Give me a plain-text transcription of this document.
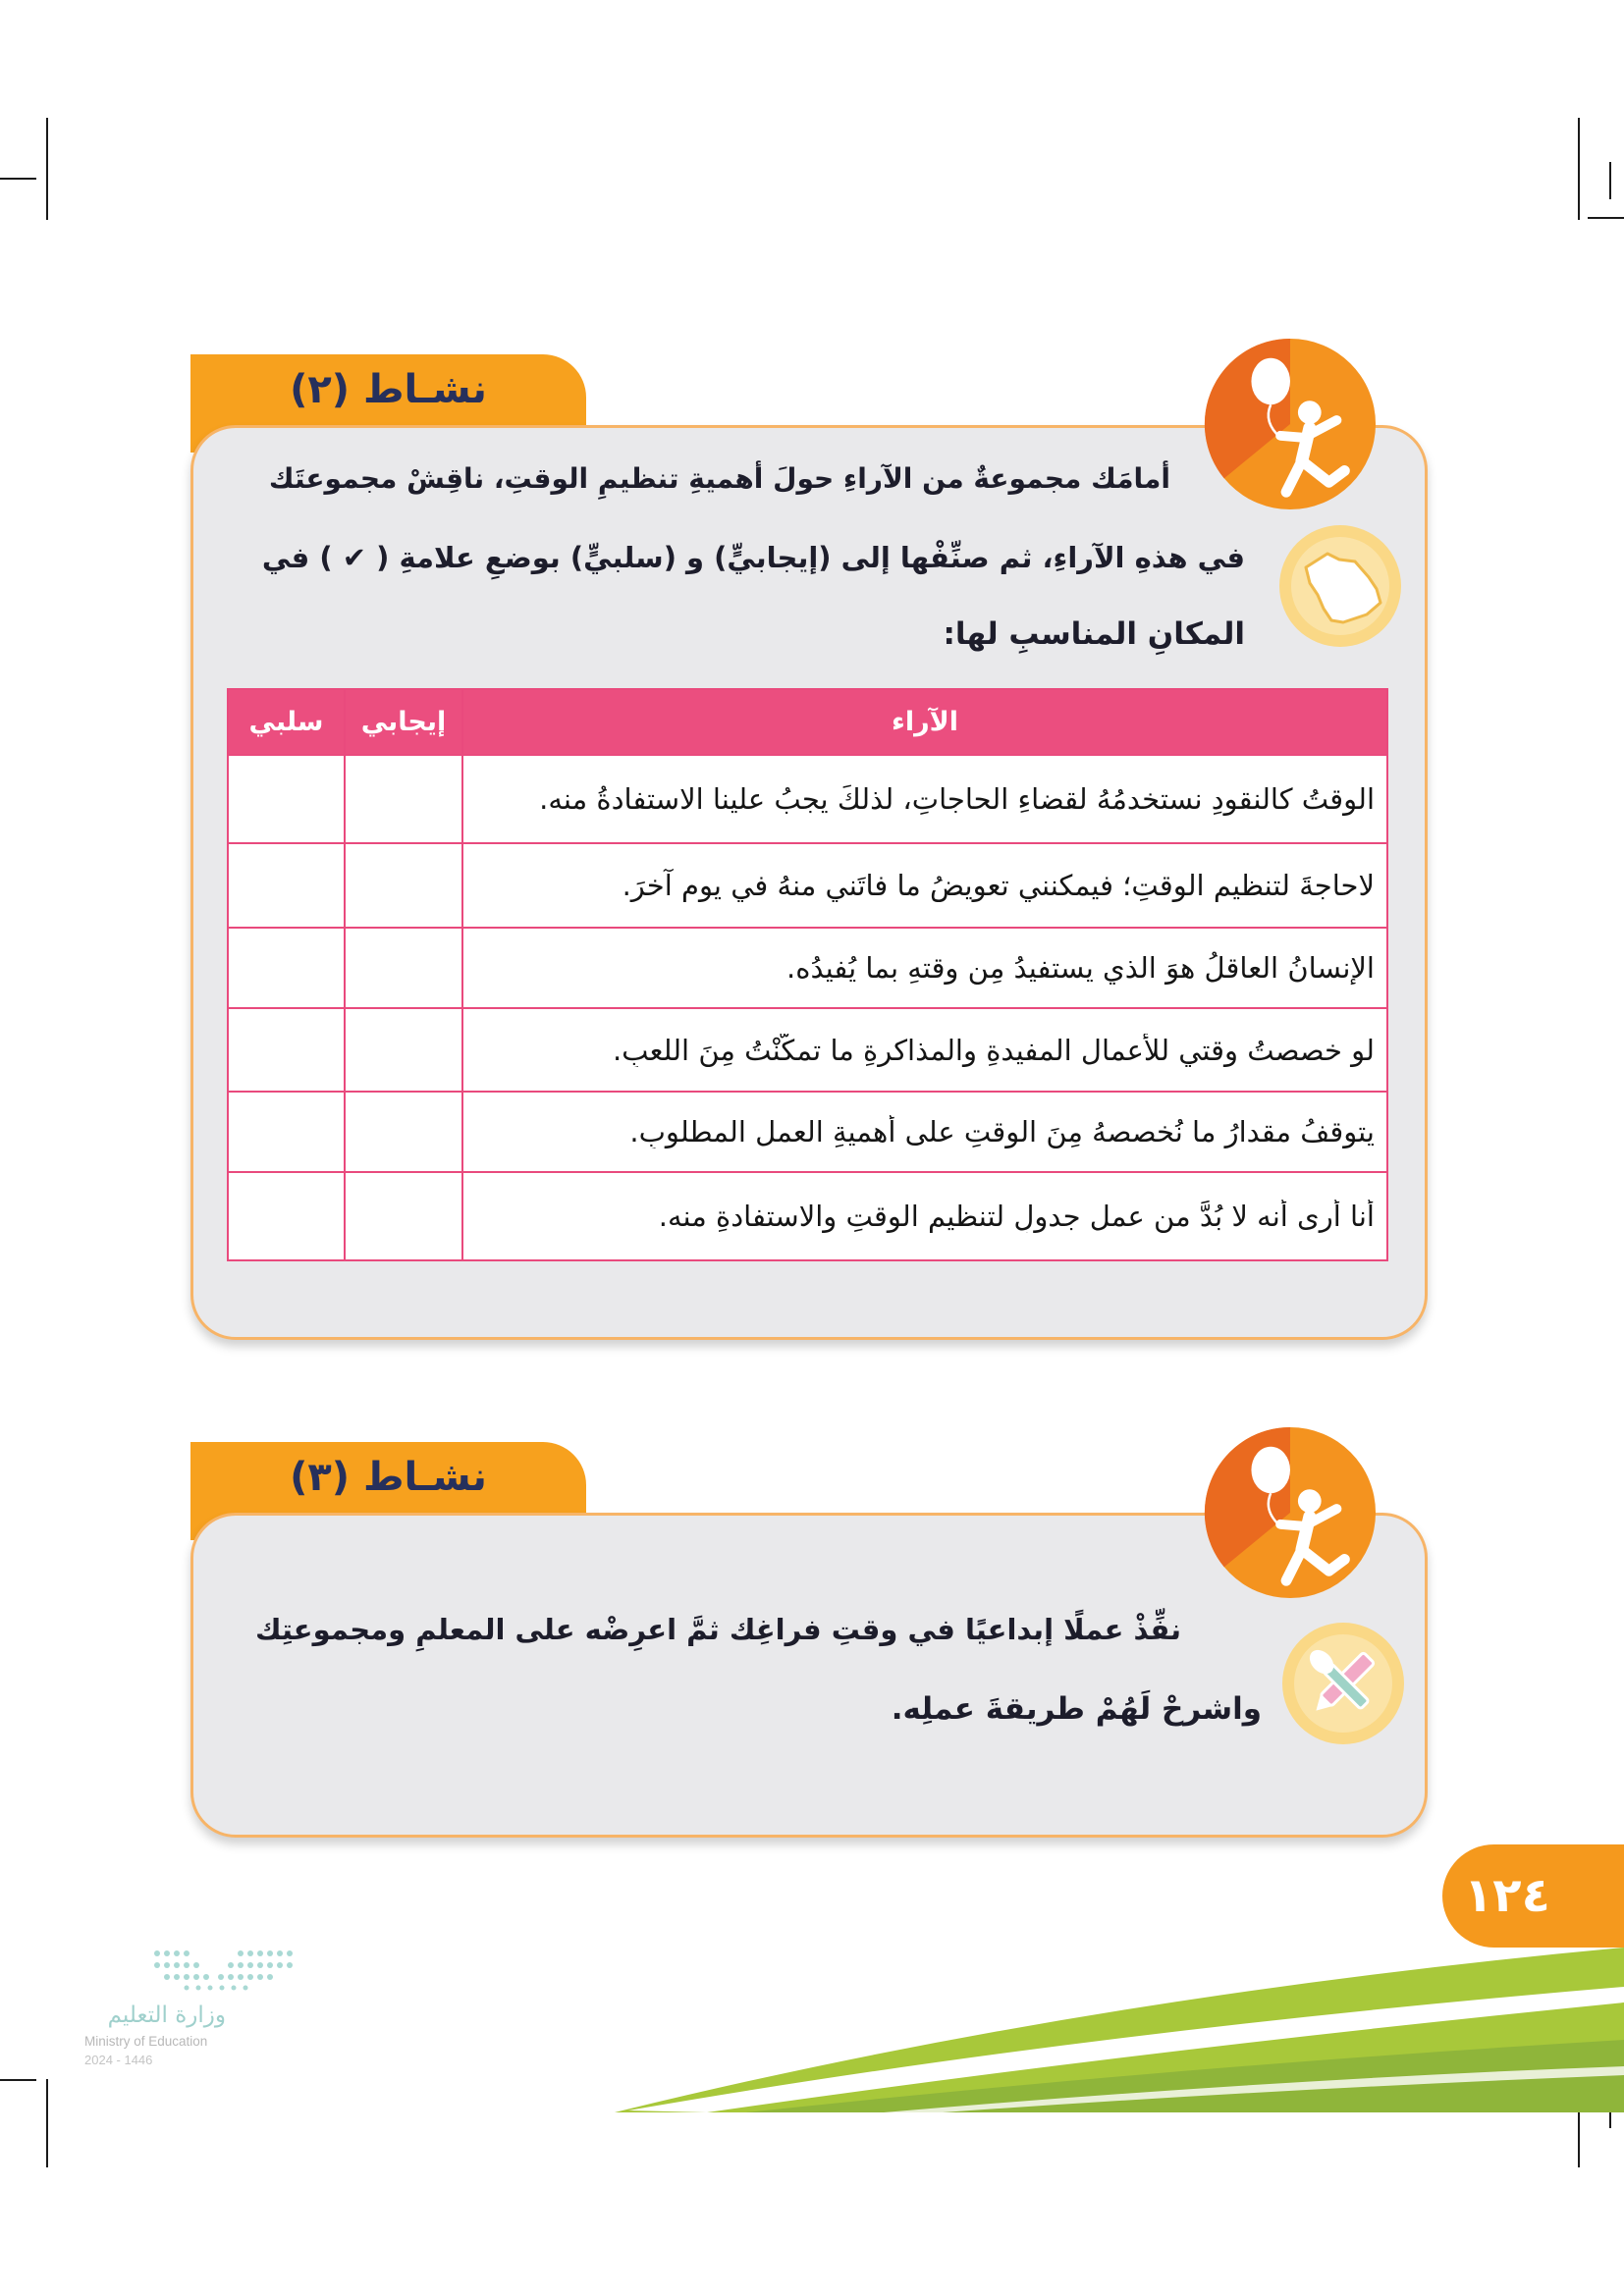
نشـاط (٢)
أمامَك مجموعةٌ من الآراءِ حولَ أهميةِ تنظيمِ الوقتِ، ناقِشْ مجموعتَك
في هذهِ الآراءِ، ثم صنِّفْها إلى (إيجابيٍّ) و (سلبيٍّ) بوضعِ علامةِ ( ✔ ) في
المكانِ المناسبِ لها:
الآراء	إيجابي	سلبي

الوقتُ كالنقودِ نستخدمُهُ لقضاءِ الحاجاتِ، لذلكَ يجبُ علينا الاستفادةُ منه.		

لاحاجةَ لتنظيمِ الوقتِ؛ فيمكنني تعويضُ ما فاتَني منهُ في يومٍ آخرَ.		

الإنسانُ العاقلُ هوَ الذي يستفيدُ مِن وقتهِ بما يُفيدُه.		

لو خصصتُ وقتي للأعمالِ المفيدةِ والمذاكرةِ ما تمكَّنْتُ مِنَ اللعبِ.		

يتوقفُ مقدارُ ما نُخصصهُ مِنَ الوقتِ على أهميةِ العملِ المطلوبِ.		

أنا أرى أنه لا بُدَّ من عملِ جدولٍ لتنظيمِ الوقتِ والاستفادةِ منه.		

نشـاط (٣)
نفِّذْ عملًا إبداعيًا في وقتِ فراغِك ثمَّ اعرِضْه على المعلمِ ومجموعتِك
واشرحْ لَهُمْ طريقةَ عملِه.
١٢٤
وزارة التعليم
Ministry of Education
2024 - 1446
